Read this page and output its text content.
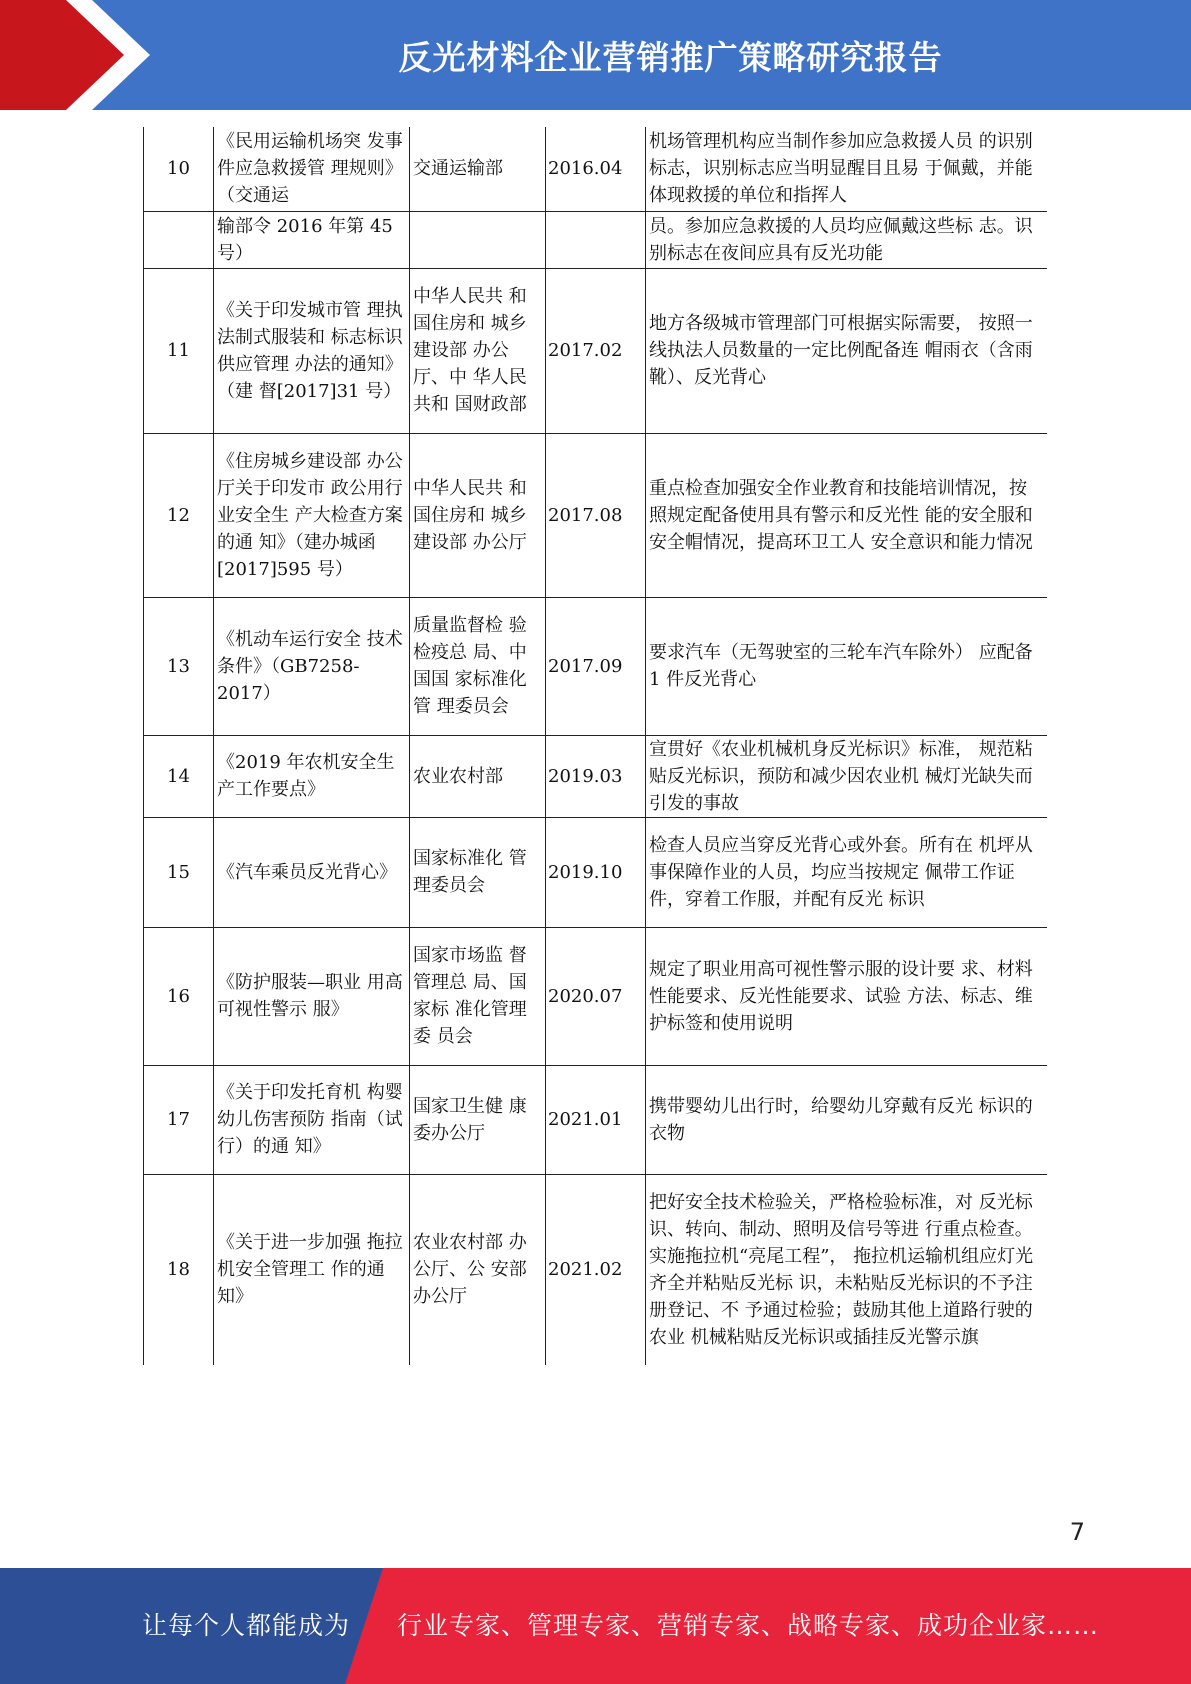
反光材料企业营销推广策略研究报告
10	《民用运输机场突 发事件应急救援管 理规则》（交通运	交通运输部	2016.04	机场管理机构应当制作参加应急救援人员 的识别标志，识别标志应当明显醒目且易 于佩戴，并能体现救援的单位和指挥人
	输部令 2016 年第 45 号）			员。参加应急救援的人员均应佩戴这些标 志。识别标志在夜间应具有反光功能
11	《关于印发城市管 理执法制式服装和 标志标识供应管理 办法的通知》（建 督[2017]31 号）	中华人民共 和国住房和 城乡建设部 办公厅、中 华人民共和 国财政部	2017.02	地方各级城市管理部门可根据实际需要， 按照一线执法人员数量的一定比例配备连 帽雨衣（含雨靴）、反光背心
12	《住房城乡建设部 办公厅关于印发市 政公用行业安全生 产大检查方案的通 知》（建办城函 [2017]595 号）	中华人民共 和国住房和 城乡建设部 办公厅	2017.08	重点检查加强安全作业教育和技能培训情况，按照规定配备使用具有警示和反光性 能的安全服和安全帽情况，提高环卫工人 安全意识和能力情况
13	《机动车运行安全 技术条件》（GB7258-2017）	质量监督检 验检疫总 局、中国国 家标准化管 理委员会	2017.09	要求汽车（无驾驶室的三轮车汽车除外） 应配备 1 件反光背心
14	《2019 年农机安全生产工作要点》	农业农村部	2019.03	宣贯好《农业机械机身反光标识》标准， 规范粘贴反光标识，预防和减少因农业机 械灯光缺失而引发的事故
15	《汽车乘员反光背心》	国家标准化 管理委员会	2019.10	检查人员应当穿反光背心或外套。所有在 机坪从事保障作业的人员，均应当按规定 佩带工作证件，穿着工作服，并配有反光 标识
16	《防护服装—职业 用高可视性警示 服》	国家市场监 督管理总 局、国家标 准化管理委 员会	2020.07	规定了职业用高可视性警示服的设计要 求、材料性能要求、反光性能要求、试验 方法、标志、维护标签和使用说明
17	《关于印发托育机 构婴幼儿伤害预防 指南（试行）的通 知》	国家卫生健 康委办公厅	2021.01	携带婴幼儿出行时，给婴幼儿穿戴有反光 标识的衣物
18	《关于进一步加强 拖拉机安全管理工 作的通知》	农业农村部 办公厅、公 安部办公厅	2021.02	把好安全技术检验关，严格检验标准，对 反光标识、转向、制动、照明及信号等进 行重点检查。实施拖拉机“亮尾工程”， 拖拉机运输机组应灯光齐全并粘贴反光标 识，未粘贴反光标识的不予注册登记、不 予通过检验；鼓励其他上道路行驶的农业 机械粘贴反光标识或插挂反光警示旗
7
让每个人都能成为 行业专家、管理专家、营销专家、战略专家、成功企业家……
